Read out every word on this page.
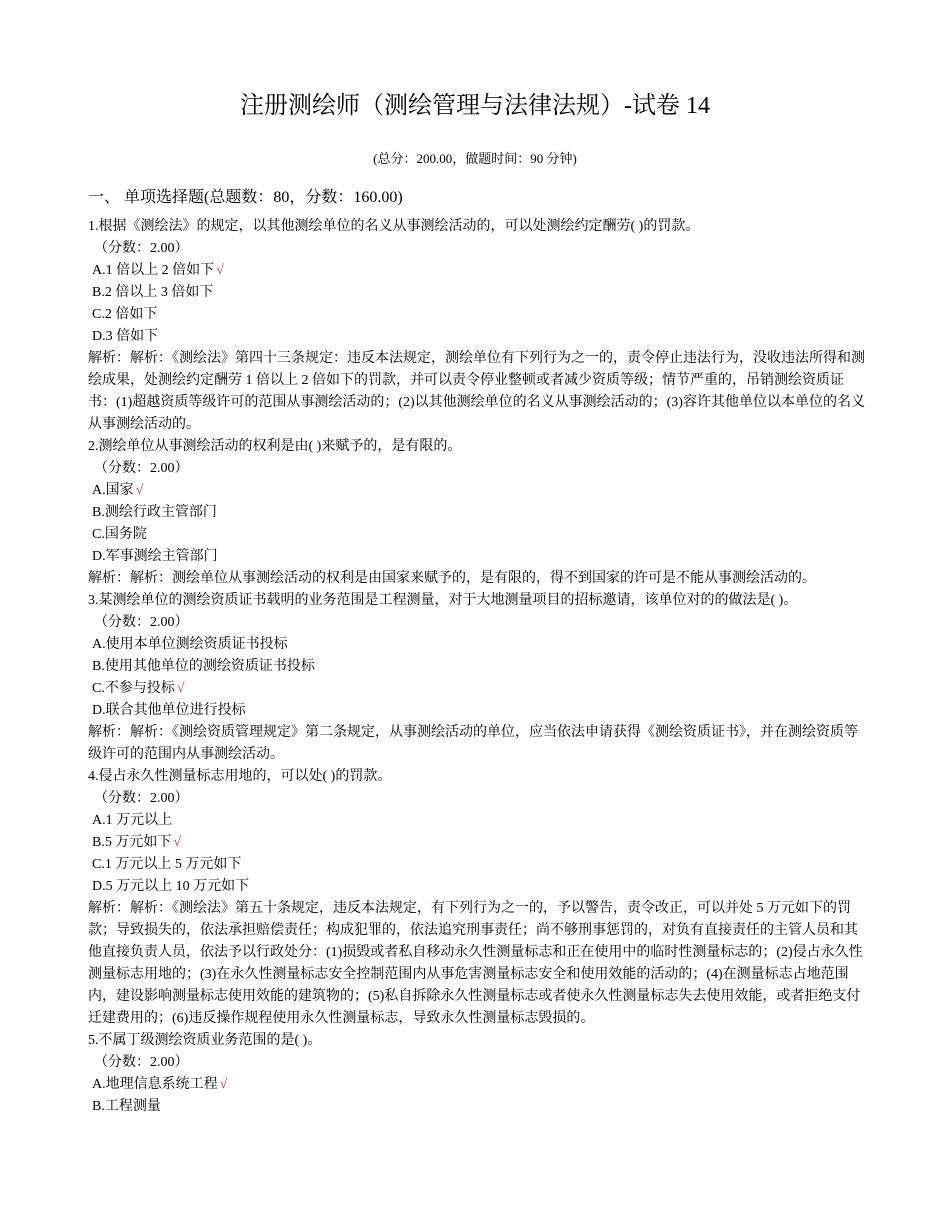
注册测绘师（测绘管理与法律法规）-试卷 14
(总分：200.00，做题时间：90 分钟)
一、 单项选择题(总题数：80，分数：160.00)
1.根据《测绘法》的规定，以其他测绘单位的名义从事测绘活动的，可以处测绘约定酬劳( )的罚款。
（分数：2.00）
A.1 倍以上 2 倍如下 √
B.2 倍以上 3 倍如下
C.2 倍如下
D.3 倍如下
解析：解析：《测绘法》第四十三条规定：违反本法规定，测绘单位有下列行为之一的，责令停止违法行为，没收违法所得和测绘成果，处测绘约定酬劳 1 倍以上 2 倍如下的罚款，并可以责令停业整顿或者减少资质等级；情节严重的，吊销测绘资质证书：(1)超越资质等级许可的范围从事测绘活动的；(2)以其他测绘单位的名义从事测绘活动的；(3)容许其他单位以本单位的名义从事测绘活动的。
2.测绘单位从事测绘活动的权利是由( )来赋予的，是有限的。
（分数：2.00）
A.国家 √
B.测绘行政主管部门
C.国务院
D.军事测绘主管部门
解析：解析：测绘单位从事测绘活动的权利是由国家来赋予的，是有限的，得不到国家的许可是不能从事测绘活动的。
3.某测绘单位的测绘资质证书载明的业务范围是工程测量，对于大地测量项目的招标邀请，该单位对的的做法是( )。
（分数：2.00）
A.使用本单位测绘资质证书投标
B.使用其他单位的测绘资质证书投标
C.不参与投标 √
D.联合其他单位进行投标
解析：解析：《测绘资质管理规定》第二条规定，从事测绘活动的单位，应当依法申请获得《测绘资质证书》，并在测绘资质等级许可的范围内从事测绘活动。
4.侵占永久性测量标志用地的，可以处( )的罚款。
（分数：2.00）
A.1 万元以上
B.5 万元如下 √
C.1 万元以上 5 万元如下
D.5 万元以上 10 万元如下
解析：解析：《测绘法》第五十条规定，违反本法规定，有下列行为之一的，予以警告，责令改正，可以并处 5 万元如下的罚款；导致损失的，依法承担赔偿责任；构成犯罪的，依法追究刑事责任；尚不够刑事惩罚的，对负有直接责任的主管人员和其他直接负责人员，依法予以行政处分：(1)损毁或者私自移动永久性测量标志和正在使用中的临时性测量标志的；(2)侵占永久性测量标志用地的；(3)在永久性测量标志安全控制范围内从事危害测量标志安全和使用效能的活动的；(4)在测量标志占地范围内，建设影响测量标志使用效能的建筑物的；(5)私自拆除永久性测量标志或者使永久性测量标志失去使用效能，或者拒绝支付迁建费用的；(6)违反操作规程使用永久性测量标志，导致永久性测量标志毁损的。
5.不属丁级测绘资质业务范围的是( )。
（分数：2.00）
A.地理信息系统工程 √
B.工程测量
